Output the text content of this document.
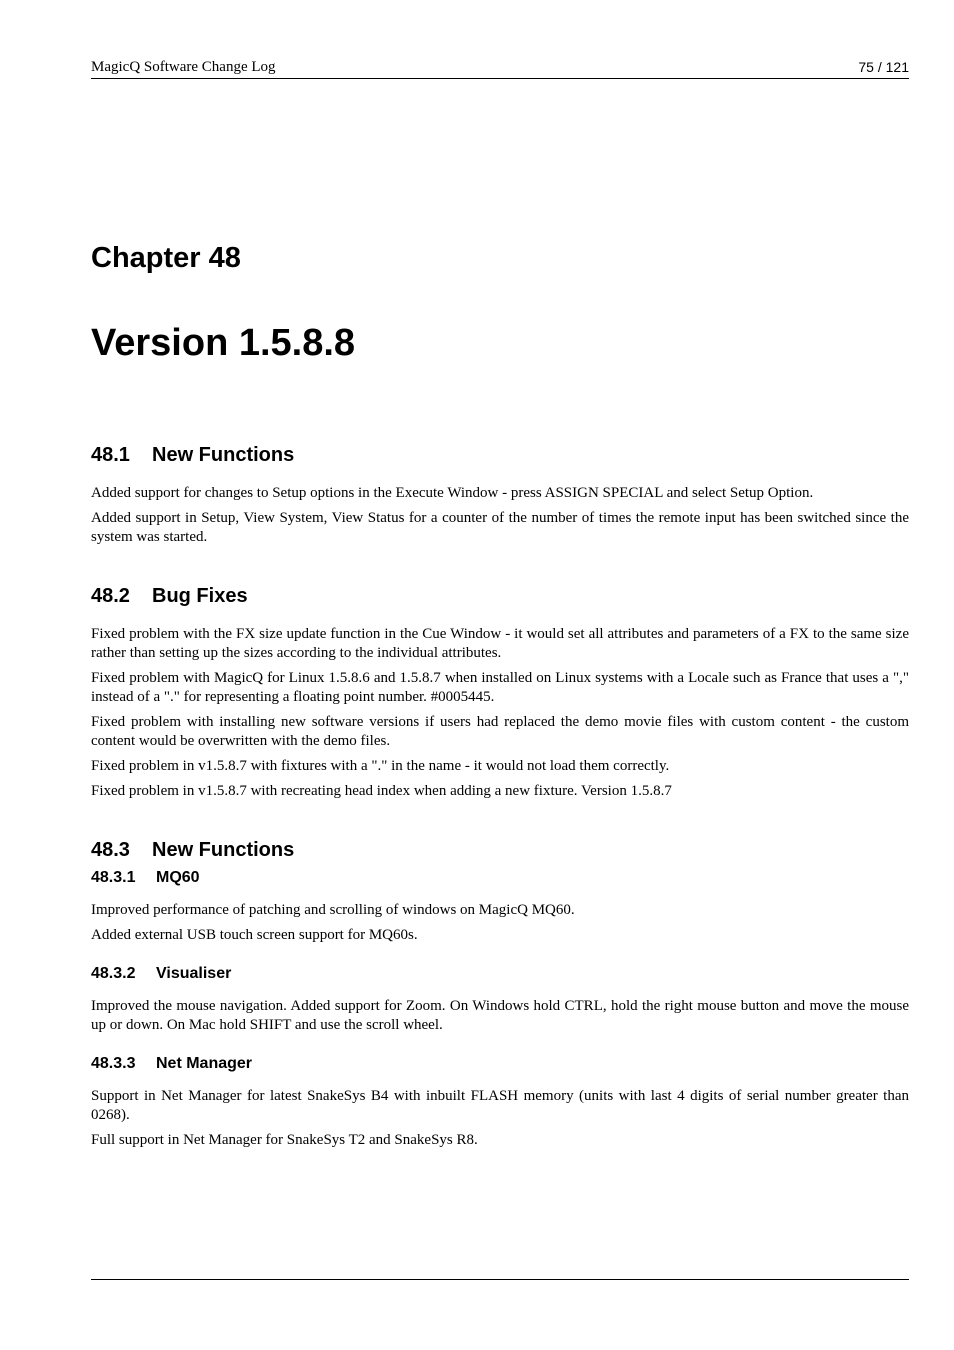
MagicQ Software Change Log	75 / 121
Chapter 48
Version 1.5.8.8
48.1 New Functions

Added support for changes to Setup options in the Execute Window - press ASSIGN SPECIAL and select Setup Option.

Added support in Setup, View System, View Status for a counter of the number of times the remote input has been switched since the system was started.

48.2 Bug Fixes

Fixed problem with the FX size update function in the Cue Window - it would set all attributes and parameters of a FX to the same size rather than setting up the sizes according to the individual attributes.

Fixed problem with MagicQ for Linux 1.5.8.6 and 1.5.8.7 when installed on Linux systems with a Locale such as France that uses a "," instead of a "." for representing a floating point number. #0005445.

Fixed problem with installing new software versions if users had replaced the demo movie files with custom content - the custom content would be overwritten with the demo files.

Fixed problem in v1.5.8.7 with fixtures with a "." in the name - it would not load them correctly.

Fixed problem in v1.5.8.7 with recreating head index when adding a new fixture. Version 1.5.8.7

48.3 New Functions
48.3.1 MQ60

Improved performance of patching and scrolling of windows on MagicQ MQ60.

Added external USB touch screen support for MQ60s.

48.3.2 Visualiser

Improved the mouse navigation. Added support for Zoom. On Windows hold CTRL, hold the right mouse button and move the mouse up or down. On Mac hold SHIFT and use the scroll wheel.

48.3.3 Net Manager

Support in Net Manager for latest SnakeSys B4 with inbuilt FLASH memory (units with last 4 digits of serial number greater than 0268).

Full support in Net Manager for SnakeSys T2 and SnakeSys R8.
